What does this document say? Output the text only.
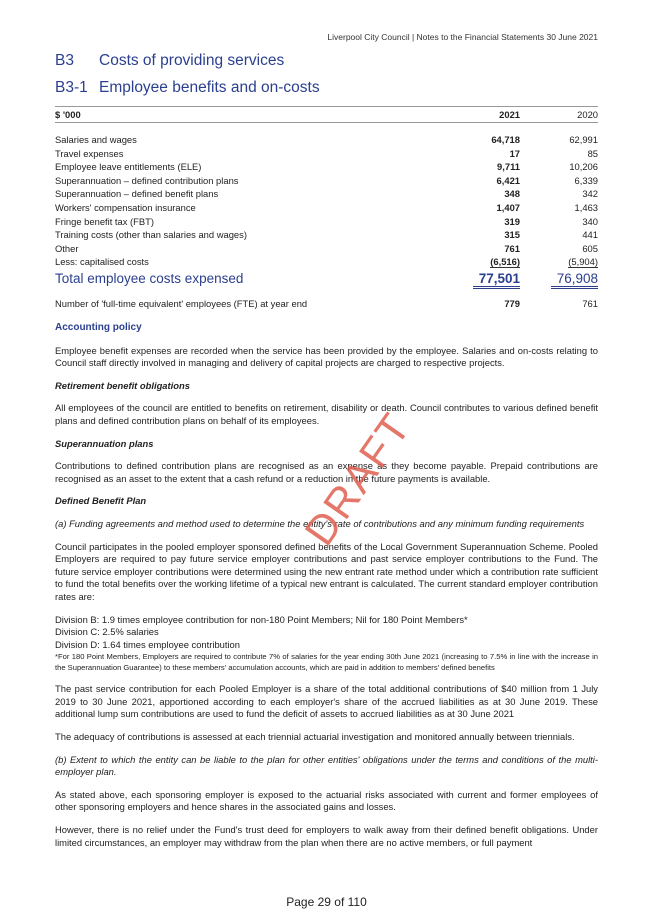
Liverpool City Council | Notes to the Financial Statements 30 June 2021
B3 Costs of providing services
B3-1 Employee benefits and on-costs
$ '000	2021	2020

Salaries and wages	64,718	62,991
Travel expenses	17	85
Employee leave entitlements (ELE)	9,711	10,206
Superannuation – defined contribution plans	6,421	6,339
Superannuation – defined benefit plans	348	342
Workers' compensation insurance	1,407	1,463
Fringe benefit tax (FBT)	319	340
Training costs (other than salaries and wages)	315	441
Other	761	605
Less: capitalised costs	(6,516)	(5,904)
Total employee costs expensed	77,501	76,908

Number of 'full-time equivalent' employees (FTE) at year end	779	761

Accounting policy

Employee benefit expenses are recorded when the service has been provided by the employee. Salaries and on-costs relating to Council staff directly involved in managing and delivery of capital projects are charged to respective projects.

Retirement benefit obligations

All employees of the council are entitled to benefits on retirement, disability or death. Council contributes to various defined benefit plans and defined contribution plans on behalf of its employees.

Superannuation plans

Contributions to defined contribution plans are recognised as an expense as they become payable. Prepaid contributions are recognised as an asset to the extent that a cash refund or a reduction in the future payments is available.

Defined Benefit Plan

(a) Funding agreements and method used to determine the entity's rate of contributions and any minimum funding requirements

Council participates in the pooled employer sponsored defined benefits of the Local Government Superannuation Scheme. Pooled Employers are required to pay future service employer contributions and past service employer contributions to the Fund. The future service employer contributions were determined using the new entrant rate method under which a contribution rate sufficient to fund the total benefits over the working lifetime of a typical new entrant is calculated. The current standard employer contribution rates are:

Division B: 1.9 times employee contribution for non-180 Point Members; Nil for 180 Point Members*

Division C: 2.5% salaries

Division D: 1.64 times employee contribution

*For 180 Point Members, Employers are required to contribute 7% of salaries for the year ending 30th June 2021 (increasing to 7.5% in line with the increase in the Superannuation Guarantee) to these members' accumulation accounts, which are paid in addition to members' defined benefits

The past service contribution for each Pooled Employer is a share of the total additional contributions of $40 million from 1 July 2019 to 30 June 2021, apportioned according to each employer's share of the accrued liabilities as at 30 June 2019. These additional lump sum contributions are used to fund the deficit of assets to accrued liabilities as at 30 June 2021

The adequacy of contributions is assessed at each triennial actuarial investigation and monitored annually between triennials.

(b) Extent to which the entity can be liable to the plan for other entities' obligations under the terms and conditions of the multi-employer plan.

As stated above, each sponsoring employer is exposed to the actuarial risks associated with current and former employees of other sponsoring employers and hence shares in the associated gains and losses.

However, there is no relief under the Fund's trust deed for employers to walk away from their defined benefit obligations. Under limited circumstances, an employer may withdraw from the plan when there are no active members, or full payment

DRAFT
Page 29 of 110
